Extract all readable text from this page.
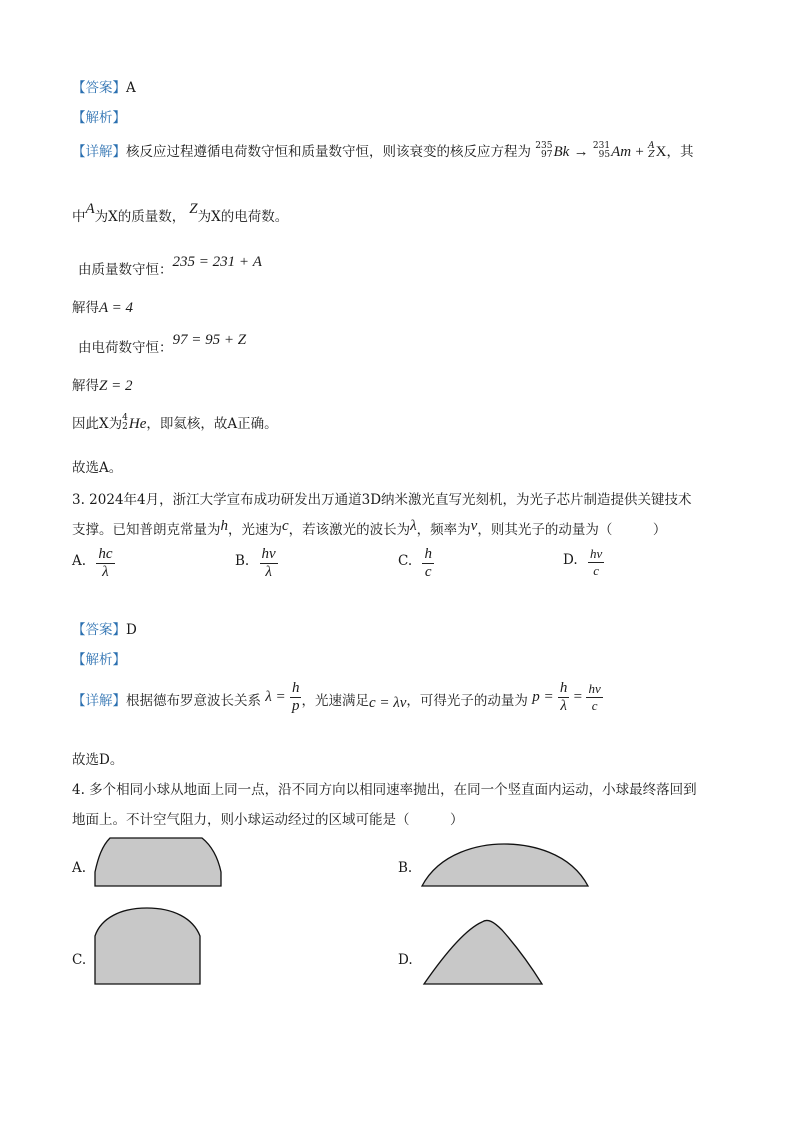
【答案】A
【解析】
【详解】核反应过程遵循电荷数守恒和质量数守恒，则该衰变的核反应方程为 235
97 Bk → 231
95 Am + A
Z X，其
中A为X的质量数， Z为X的电荷数。
由质量数守恒：235 = 231 + A
解得A = 4
由电荷数守恒：97 = 95 + Z
解得Z = 2
因此X为 4
2 He，即氦核，故A正确。
故选A。
3. 2024年4月，浙江大学宣布成功研发出万通道3D纳米激光直写光刻机，为光子芯片制造提供关键技术
支撑。已知普朗克常量为h，光速为c，若该激光的波长为λ，频率为ν，则其光子的动量为（　　　）
A. $\frac{hc}{\lambda}$	B. $\frac{h\nu}{\lambda}$	C. $\frac{h}{c}$	D. $\frac{h\nu}{c}$
【答案】D
【解析】
【详解】根据德布罗意波长关系 $\lambda = \frac{h}{p}$ ，光速满足c = λν，可得光子的动量为 $p = \frac{h}{\lambda} = \frac{h\nu}{c}$
故选D。
4. 多个相同小球从地面上同一点，沿不同方向以相同速率抛出，在同一个竖直面内运动，小球最终落回到
地面上。不计空气阻力，则小球运动经过的区域可能是（　　　）
A.	B.
C.	D.
